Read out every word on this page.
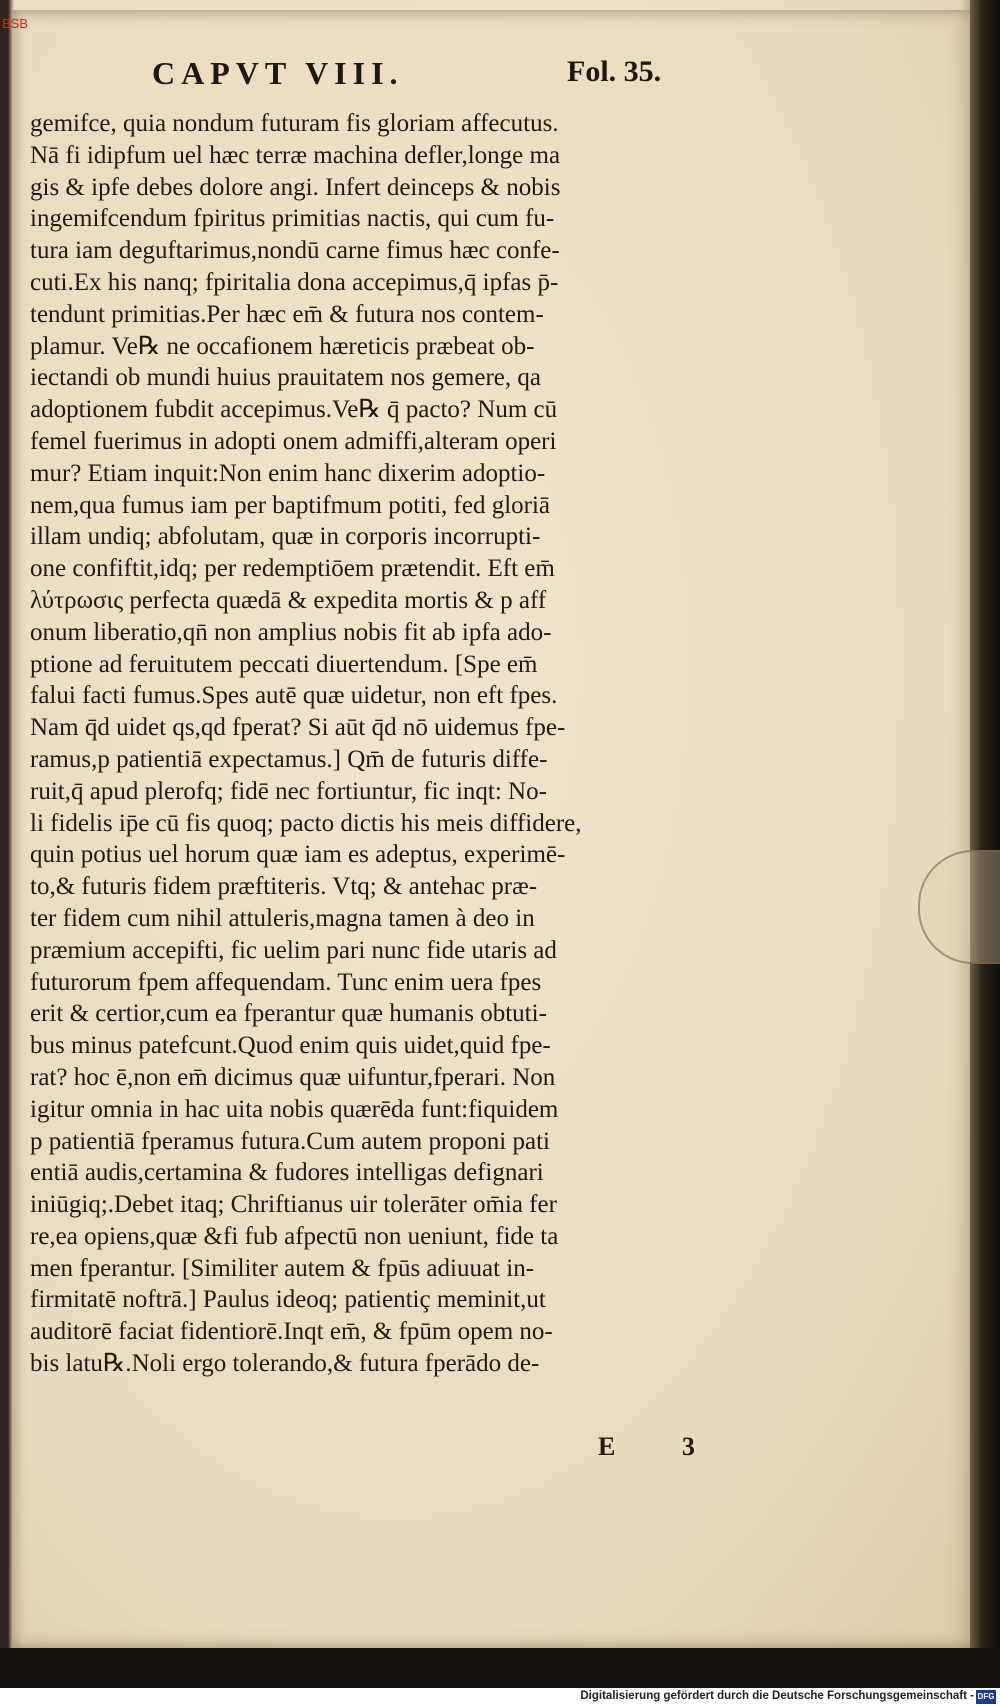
BSB
CAPVT VIII.	Fol. 35.
gemifce, quia nondum futuram fis gloriam affecutus.
Nā fi idipfum uel hæc terræ machina defler,longe ma
gis & ipfe debes dolore angi. Infert deinceps & nobis
ingemifcendum fpiritus primitias nactis, qui cum fu-
tura iam deguftarimus,nondū carne fimus hæc confe-
cuti.Ex his nanq; fpiritalia dona accepimus,q̄ ipfas p̄-
tendunt primitias.Per hæc em̄ & futura nos contem-
plamur. Ve℞ ne occafionem hæreticis præbeat ob-
iectandi ob mundi huius prauitatem nos gemere, qa
adoptionem fubdit accepimus.Ve℞ q̄ pacto? Num cū
femel fuerimus in adopti onem admiffi,alteram operi
mur? Etiam inquit:Non enim hanc dixerim adoptio-
nem,qua fumus iam per baptifmum potiti, fed gloriā
illam undiq; abfolutam, quæ in corporis incorrupti-
one confiftit,idq; per redemptiōem prætendit. Eft em̄
λύτρωσις perfecta quædā & expedita mortis & p aff
onum liberatio,qn̄ non amplius nobis fit ab ipfa ado-
ptione ad feruitutem peccati diuertendum. [Spe em̄
falui facti fumus.Spes autē quæ uidetur, non eft fpes.
Nam q̄d uidet qs,qd fperat? Si aūt q̄d nō uidemus fpe-
ramus,p patientiā expectamus.] Qm̄ de futuris diffe-
ruit,q̄ apud plerofq; fidē nec fortiuntur, fic inqt: No-
li fidelis ip̄e cū fis quoq; pacto dictis his meis diffidere,
quin potius uel horum quæ iam es adeptus, experimē-
to,& futuris fidem præftiteris. Vtq; & antehac præ-
ter fidem cum nihil attuleris,magna tamen à deo in
præmium accepifti, fic uelim pari nunc fide utaris ad
futurorum fpem affequendam. Tunc enim uera fpes
erit & certior,cum ea fperantur quæ humanis obtuti-
bus minus patefcunt.Quod enim quis uidet,quid fpe-
rat? hoc ē,non em̄ dicimus quæ uifuntur,fperari. Non
igitur omnia in hac uita nobis quærēda funt:fiquidem
p patientiā fperamus futura.Cum autem proponi pati
entiā audis,certamina & fudores intelligas defignari
iniūgiq;.Debet itaq; Chriftianus uir tolerāter om̄ia fer
re,ea opiens,quæ &fi fub afpectū non ueniunt, fide ta
men fperantur. [Similiter autem & fpūs adiuuat in-
firmitatē noftrā.] Paulus ideoq; patientiç meminit,ut
auditorē faciat fidentiorē.Inqt em̄, & fpūm opem no-
bis latu℞.Noli ergo tolerando,& futura fperādo de-
E 3
Digitalisierung gefördert durch die Deutsche Forschungsgemeinschaft - DFG
